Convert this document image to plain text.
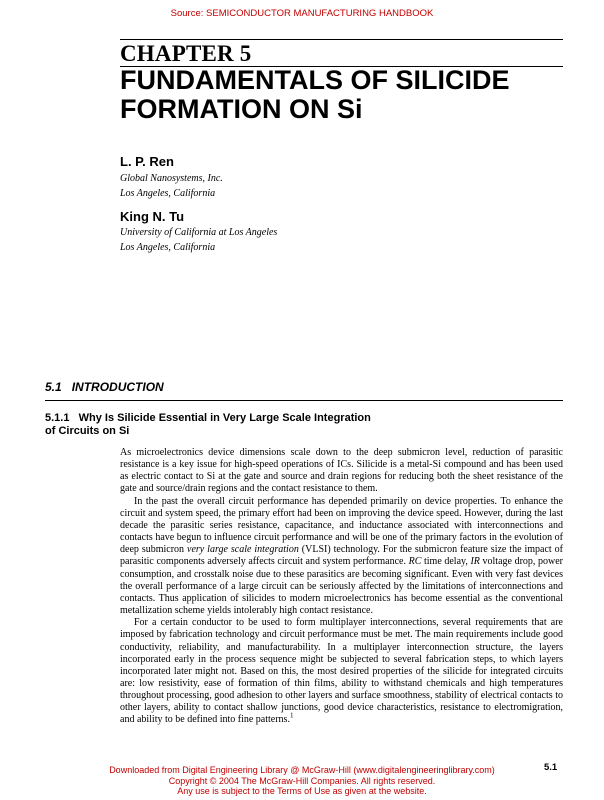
Source: SEMICONDUCTOR MANUFACTURING HANDBOOK
CHAPTER 5
FUNDAMENTALS OF SILICIDE
FORMATION ON Si
L. P. Ren
Global Nanosystems, Inc.
Los Angeles, California
King N. Tu
University of California at Los Angeles
Los Angeles, California
5.1 INTRODUCTION
5.1.1 Why Is Silicide Essential in Very Large Scale Integration
of Circuits on Si

As microelectronics device dimensions scale down to the deep submicron level, reduction of parasitic resistance is a key issue for high-speed operations of ICs. Silicide is a metal-Si compound and has been used as electric contact to Si at the gate and source and drain regions for reducing both the sheet resistance of the gate and source/drain regions and the contact resistance to them.

In the past the overall circuit performance has depended primarily on device properties. To enhance the circuit and system speed, the primary effort had been on improving the device speed. However, during the last decade the parasitic series resistance, capacitance, and inductance associated with interconnections and contacts have begun to influence circuit performance and will be one of the primary factors in the evolution of deep submicron very large scale integration (VLSI) technology. For the submicron feature size the impact of parasitic components adversely affects circuit and system performance. RC time delay, IR voltage drop, power consumption, and crosstalk noise due to these parasitics are becoming significant. Even with very fast devices the overall performance of a large circuit can be seriously affected by the limitations of interconnections and contacts. Thus application of silicides to modern microelectronics has become essential as the conventional metallization scheme yields intolerably high contact resistance.

For a certain conductor to be used to form multiplayer interconnections, several requirements that are imposed by fabrication technology and circuit performance must be met. The main requirements include good conductivity, reliability, and manufacturability. In a multiplayer interconnection structure, the layers incorporated early in the process sequence might be subjected to several fabrication steps, to which layers incorporated later might not. Based on this, the most desired properties of the silicide for integrated circuits are: low resistivity, ease of formation of thin films, ability to withstand chemicals and high temperatures throughout processing, good adhesion to other layers and surface smoothness, stability of electrical contacts to other layers, ability to contact shallow junctions, good device characteristics, resistance to electromigration, and ability to be defined into fine patterns.$^1$

5.1
Downloaded from Digital Engineering Library @ McGraw-Hill (www.digitalengineeringlibrary.com)
Copyright © 2004 The McGraw-Hill Companies. All rights reserved.
Any use is subject to the Terms of Use as given at the website.
